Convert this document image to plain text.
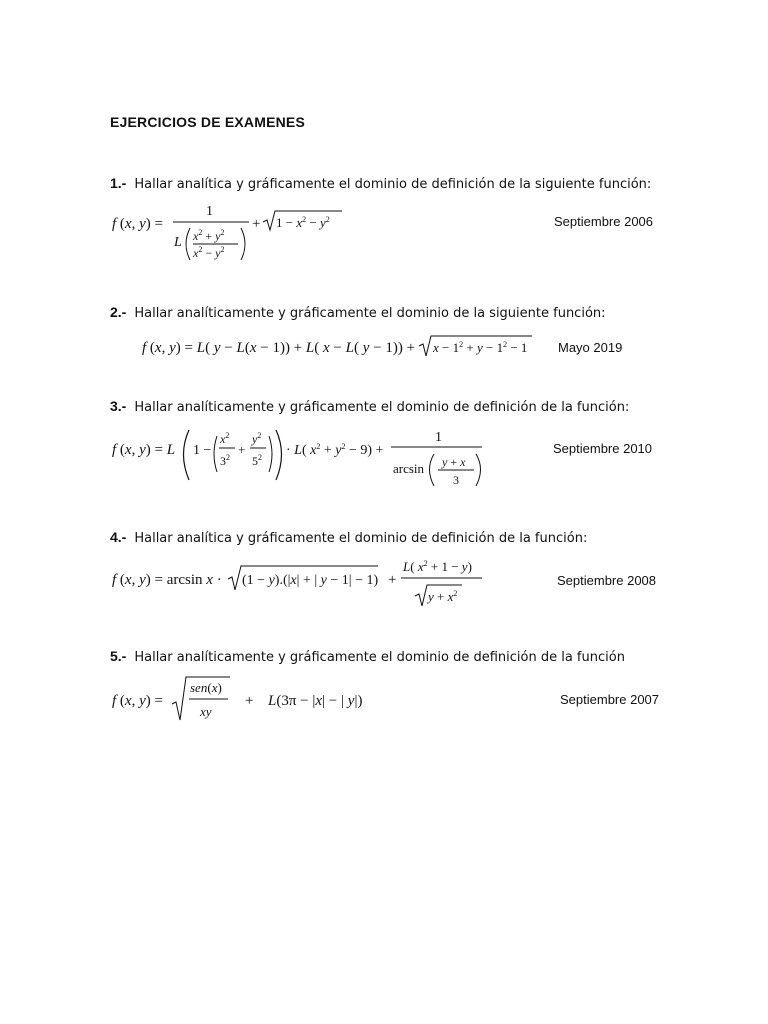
EJERCICIOS DE EXAMENES
1.- Hallar analítica y gráficamente el dominio de definición de la siguiente función:
f (x, y) =
1
L $x^2 + y^2$
$x^2 - y^2$
+ $1 - x^2 - y^2$	Septiembre 2006
2.- Hallar analíticamente y gráficamente el dominio de la siguiente función:
f (x, y) = L( y − L(x − 1)) + L( x − L( $y - 1)) + x - 1^2 + y - 1^2 - 1$ Mayo 2019
3.- Hallar analíticamente y gráficamente el dominio de definición de la función:
f (x, y) = L 1 −
$x^2$
$3^2$
+
$y^2$
$5^2 \cdot L$( $x^2 + y^2 - 9$) +
1
arcsin y + x
3
Septiembre 2010
4.- Hallar analítica y gráficamente el dominio de definición de la función:
f (x, y) = arcsin x · (1 − y).(|x| + | y − 1| − 1) +
L( $x^2 + 1 - y$)
$y + x^2$
Septiembre 2008
5.- Hallar analíticamente y gráficamente el dominio de definición de la función
f (x, y) =
sen(x)
xy
+ L(3π − |x| − | y|)	Septiembre 2007
